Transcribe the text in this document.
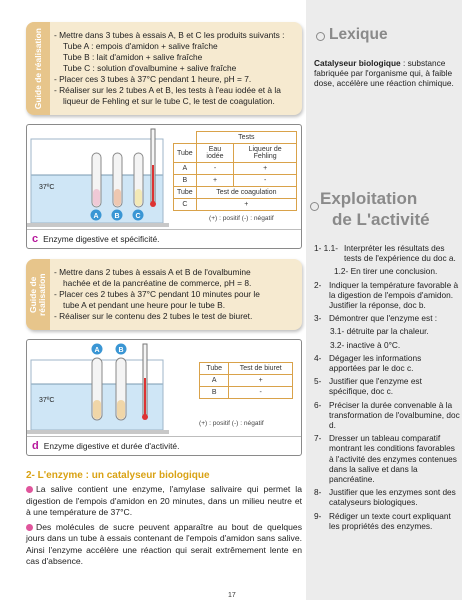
Guide de réalisation - Mettre dans 3 tubes à essais A, B et C les produits suivants :
Tube A : empois d'amidon + salive fraîche
Tube B : lait d'amidon + salive fraîche
Tube C : solution d'ovalbumine + salive fraîche
- Placer ces 3 tubes à 37°C pendant 1 heure, pH = 7.
- Réaliser sur les 2 tubes A et B, les tests à l'eau iodée et à la
liqueur de Fehling et sur le tube C, le test de coagulation.
A B C
37ºC
	Tests	
Tube	Eau iodée	Liqueur de Fehling
A	-	+
B	+	-
Tube	Test de coagulation	
C	+	
(+) : positif (-) : négatif
c Enzyme digestive et spécificité.
Guide de réalisation
- Mettre dans 2 tubes à essais A et B de l'ovalbumine
hachée et de la pancréatine de commerce, pH = 8.
- Placer ces 2 tubes à 37°C pendant 10 minutes pour le
tube A et pendant une heure pour le tube B.
- Réaliser sur le contenu des 2 tubes le test de biuret.
A	B
37ºC
Tube	Test de biuret
A	+
B	-
(+) : positif (-) : négatif
d Enzyme digestive et durée d'activité.
2- L'enzyme : un catalyseur biologique
La salive contient une enzyme, l'amylase salivaire qui permet la digestion de l'empois d'amidon en 20 minutes, dans un milieu neutre et à une température de 37°C.
Des molécules de sucre peuvent apparaître au bout de quelques jours dans un tube à essais contenant de l'empois d'amidon sans salive. Ainsi l'enzyme accélère une réaction qui serait extrêmement lente en cas d'absence.
Lexique
Catalyseur biologique : substance fabriquée par l'organisme qui, à faible dose, accélère une réaction chimique.
Exploitation
de L'activité
1- 1.1- Interpréter les résultats des tests de l'expérience du doc a.
1.2- En tirer une conclusion.
2- Indiquer la température favorable à la digestion de l'empois d'amidon. Justifier la réponse, doc b.
3- Démontrer que l'enzyme est :
3.1- détruite par la chaleur.
3.2- inactive à 0°C.
4- Dégager les informations apportées par le doc c.
5- Justifier que l'enzyme est spécifique, doc c.
6- Préciser la durée convenable à la transformation de l'ovalbumine, doc d.
7- Dresser un tableau comparatif montrant les conditions favorables à l'activité des enzymes contenues dans la salive et dans la pancréatine.
8- Justifier que les enzymes sont des catalyseurs biologiques.
9- Rédiger un texte court expliquant les propriétés des enzymes.
17
